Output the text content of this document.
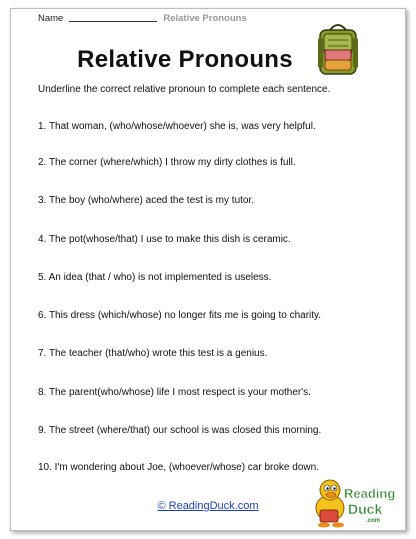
Name	Relative Pronouns
Relative Pronouns
Underline the correct relative pronoun to complete each sentence.
1. That woman, (who/whose/whoever) she is, was very helpful.
2. The corner (where/which) I throw my dirty clothes is full.
3. The boy (who/where) aced the test is my tutor.
4. The pot(whose/that) I use to make this dish is ceramic.
5. An idea (that / who) is not implemented is useless.
6. This dress (which/whose) no longer fits me is going to charity.
7. The teacher (that/who) wrote this test is a genius.
8. The parent(who/whose) life I most respect is your mother's.
9. The street (where/that) our school is was closed this morning.
10. I'm wondering about Joe, (whoever/whose) car broke down.
© ReadingDuck.com
Reading
Duck
.com
